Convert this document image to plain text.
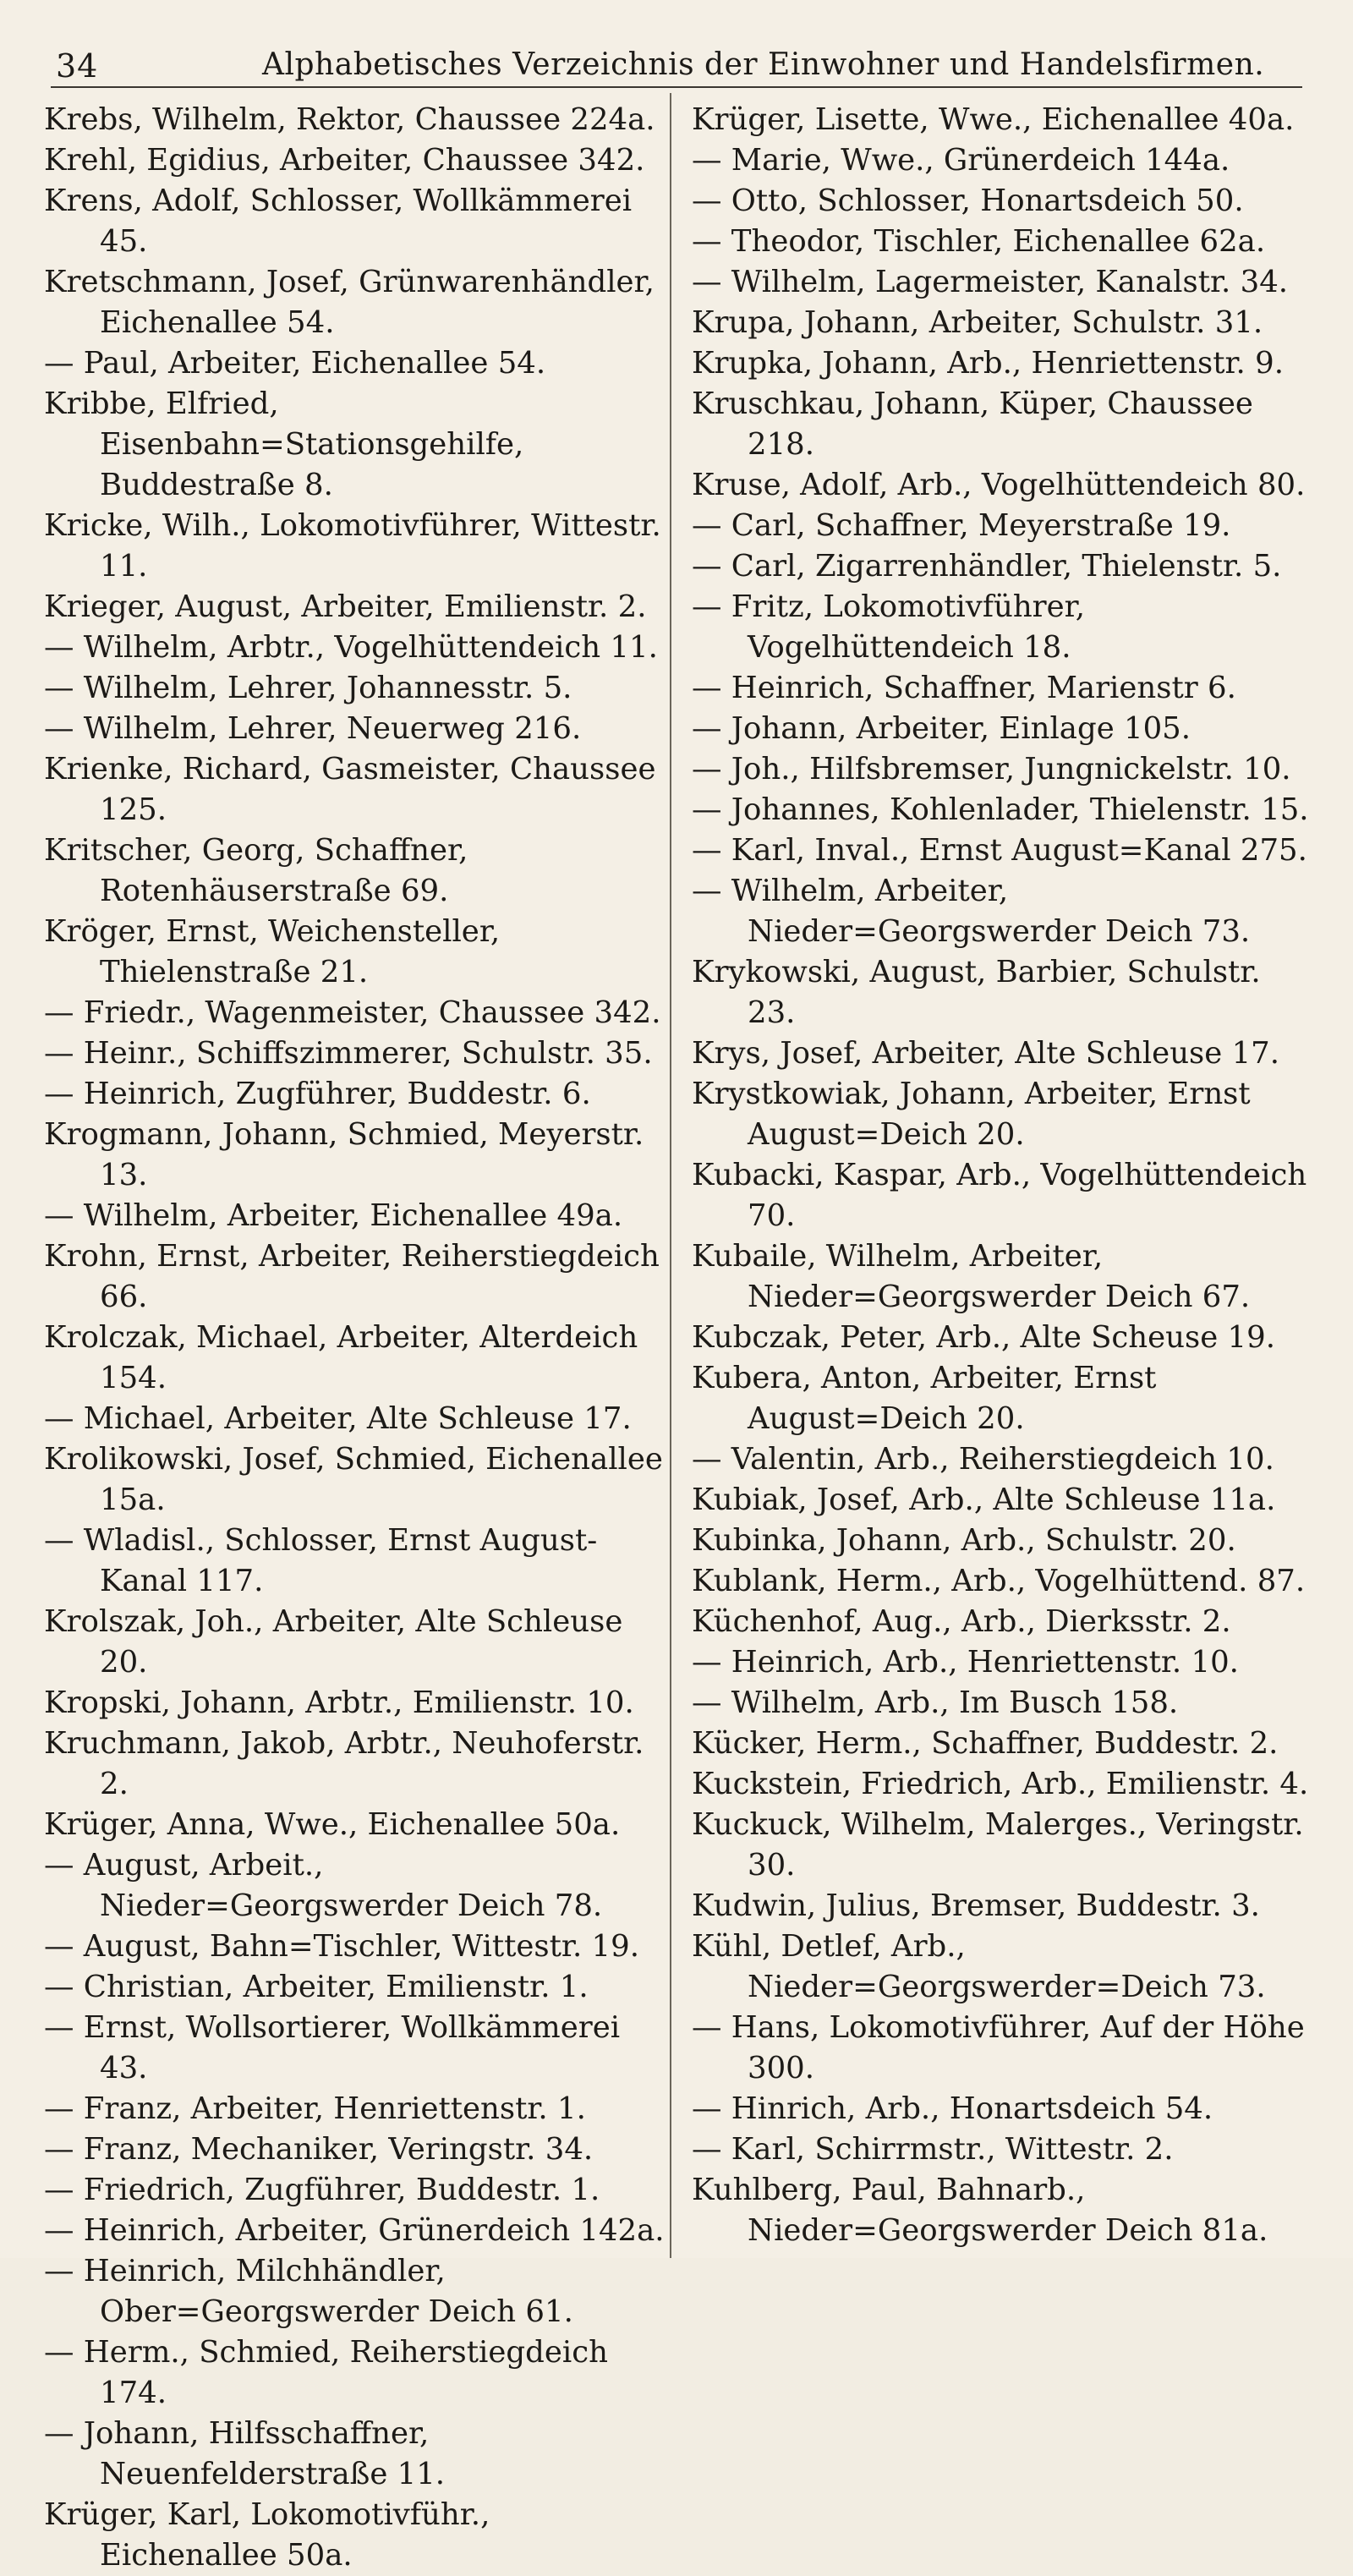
34	Alphabetisches Verzeichnis der Einwohner und Handelsfirmen.
Krebs, Wilhelm, Rektor, Chaussee 224a.
Krehl, Egidius, Arbeiter, Chaussee 342.
Krens, Adolf, Schlosser, Wollkämmerei 45.
Kretschmann, Josef, Grünwarenhändler, Eichenallee 54.
— Paul, Arbeiter, Eichenallee 54.
Kribbe, Elfried, Eisenbahn=Stationsgehilfe, Buddestraße 8.
Kricke, Wilh., Lokomotivführer, Wittestr. 11.
Krieger, August, Arbeiter, Emilienstr. 2.
— Wilhelm, Arbtr., Vogelhüttendeich 11.
— Wilhelm, Lehrer, Johannesstr. 5.
— Wilhelm, Lehrer, Neuerweg 216.
Krienke, Richard, Gasmeister, Chaussee 125.
Kritscher, Georg, Schaffner, Rotenhäuserstraße 69.
Kröger, Ernst, Weichensteller, Thielenstraße 21.
— Friedr., Wagenmeister, Chaussee 342.
— Heinr., Schiffszimmerer, Schulstr. 35.
— Heinrich, Zugführer, Buddestr. 6.
Krogmann, Johann, Schmied, Meyerstr. 13.
— Wilhelm, Arbeiter, Eichenallee 49a.
Krohn, Ernst, Arbeiter, Reiherstiegdeich 66.
Krolczak, Michael, Arbeiter, Alterdeich 154.
— Michael, Arbeiter, Alte Schleuse 17.
Krolikowski, Josef, Schmied, Eichenallee 15a.
— Wladisl., Schlosser, Ernst August-Kanal 117.
Krolszak, Joh., Arbeiter, Alte Schleuse 20.
Kropski, Johann, Arbtr., Emilienstr. 10.
Kruchmann, Jakob, Arbtr., Neuhoferstr. 2.
Krüger, Anna, Wwe., Eichenallee 50a.
— August, Arbeit., Nieder=Georgswerder Deich 78.
— August, Bahn=Tischler, Wittestr. 19.
— Christian, Arbeiter, Emilienstr. 1.
— Ernst, Wollsortierer, Wollkämmerei 43.
— Franz, Arbeiter, Henriettenstr. 1.
— Franz, Mechaniker, Veringstr. 34.
— Friedrich, Zugführer, Buddestr. 1.
— Heinrich, Arbeiter, Grünerdeich 142a.
— Heinrich, Milchhändler, Ober=Georgswerder Deich 61.
— Herm., Schmied, Reiherstiegdeich 174.
— Johann, Hilfsschaffner, Neuenfelderstraße 11.
Krüger, Karl, Lokomotivführ., Eichenallee 50a.
Krüger, Lisette, Wwe., Eichenallee 40a.
— Marie, Wwe., Grünerdeich 144a.
— Otto, Schlosser, Honartsdeich 50.
— Theodor, Tischler, Eichenallee 62a.
— Wilhelm, Lagermeister, Kanalstr. 34.
Krupa, Johann, Arbeiter, Schulstr. 31.
Krupka, Johann, Arb., Henriettenstr. 9.
Kruschkau, Johann, Küper, Chaussee 218.
Kruse, Adolf, Arb., Vogelhüttendeich 80.
— Carl, Schaffner, Meyerstraße 19.
— Carl, Zigarrenhändler, Thielenstr. 5.
— Fritz, Lokomotivführer, Vogelhüttendeich 18.
— Heinrich, Schaffner, Marienstr 6.
— Johann, Arbeiter, Einlage 105.
— Joh., Hilfsbremser, Jungnickelstr. 10.
— Johannes, Kohlenlader, Thielenstr. 15.
— Karl, Inval., Ernst August=Kanal 275.
— Wilhelm, Arbeiter, Nieder=Georgswerder Deich 73.
Krykowski, August, Barbier, Schulstr. 23.
Krys, Josef, Arbeiter, Alte Schleuse 17.
Krystkowiak, Johann, Arbeiter, Ernst August=Deich 20.
Kubacki, Kaspar, Arb., Vogelhüttendeich 70.
Kubaile, Wilhelm, Arbeiter, Nieder=Georgswerder Deich 67.
Kubczak, Peter, Arb., Alte Scheuse 19.
Kubera, Anton, Arbeiter, Ernst August=Deich 20.
— Valentin, Arb., Reiherstiegdeich 10.
Kubiak, Josef, Arb., Alte Schleuse 11a.
Kubinka, Johann, Arb., Schulstr. 20.
Kublank, Herm., Arb., Vogelhüttend. 87.
Küchenhof, Aug., Arb., Dierksstr. 2.
— Heinrich, Arb., Henriettenstr. 10.
— Wilhelm, Arb., Im Busch 158.
Kücker, Herm., Schaffner, Buddestr. 2.
Kuckstein, Friedrich, Arb., Emilienstr. 4.
Kuckuck, Wilhelm, Malerges., Veringstr. 30.
Kudwin, Julius, Bremser, Buddestr. 3.
Kühl, Detlef, Arb., Nieder=Georgswerder=Deich 73.
— Hans, Lokomotivführer, Auf der Höhe 300.
— Hinrich, Arb., Honartsdeich 54.
— Karl, Schirrmstr., Wittestr. 2.
Kuhlberg, Paul, Bahnarb., Nieder=Georgswerder Deich 81a.
